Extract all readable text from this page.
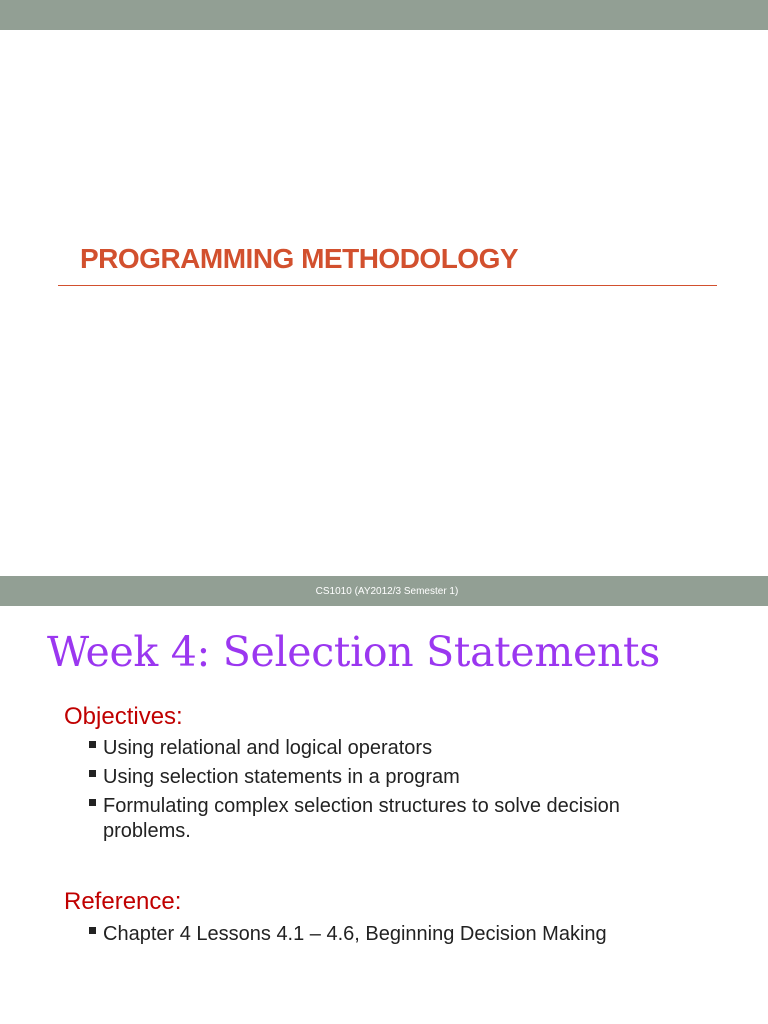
PROGRAMMING METHODOLOGY
CS1010 (AY2012/3 Semester 1)
Week 4: Selection Statements
Objectives:
Using relational and logical operators
Using selection statements in a program
Formulating complex selection structures to solve decision problems.
Reference:
Chapter 4 Lessons 4.1 – 4.6, Beginning Decision Making
